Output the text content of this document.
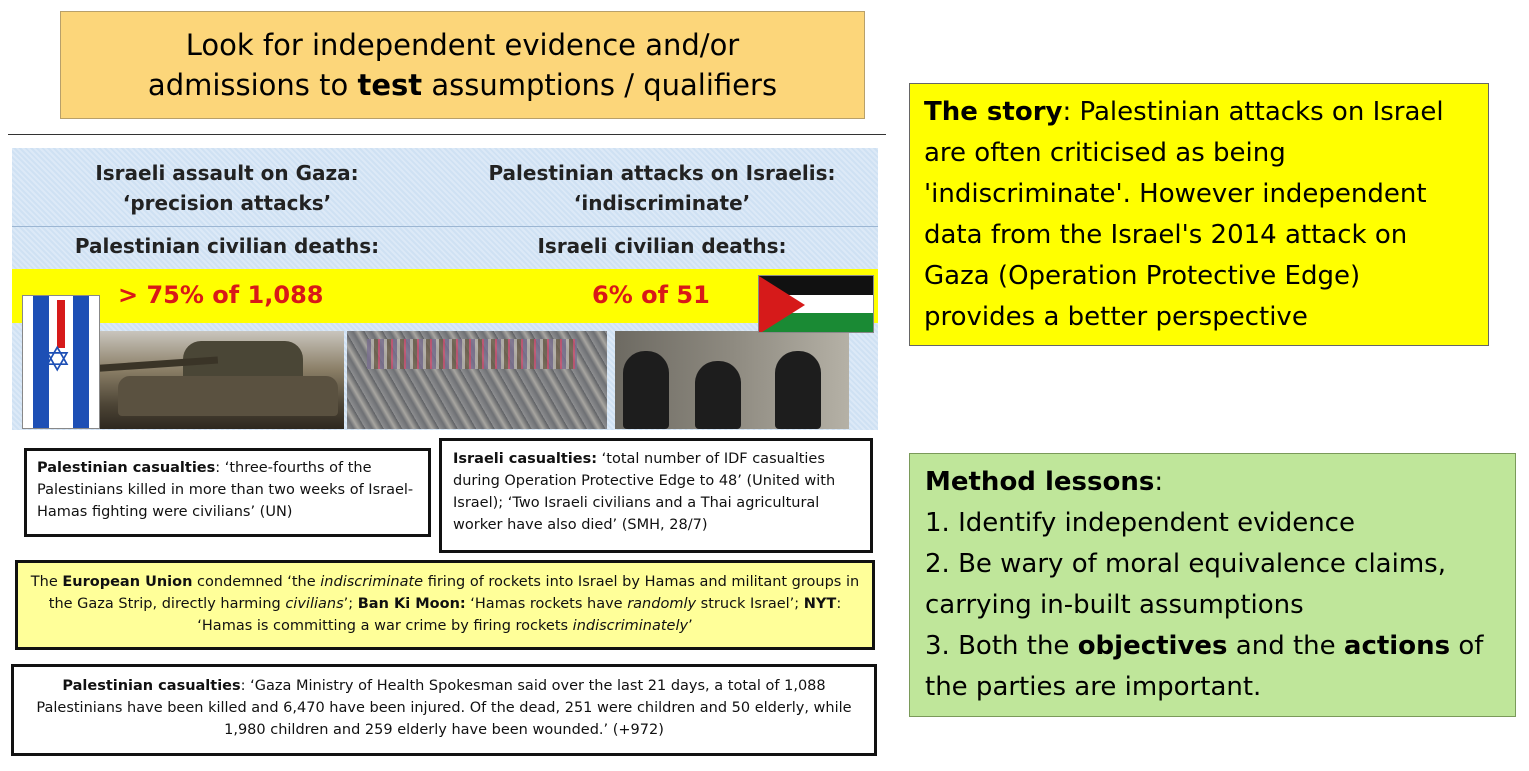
Look for independent evidence and/or
admissions to test assumptions / qualifiers
Israeli assault on Gaza:
‘precision attacks’
Palestinian attacks on Israelis:
‘indiscriminate’
Palestinian civilian deaths:	Israeli civilian deaths:
> 75% of 1,088	6% of 51
✡
Palestinian casualties: ‘three-fourths of the Palestinians killed in more than two weeks of Israel-Hamas fighting were civilians’ (UN)
Israeli casualties: ‘total number of IDF casualties during Operation Protective Edge to 48’ (United with Israel); ‘Two Israeli civilians and a Thai agricultural worker have also died’ (SMH, 28/7)
The European Union condemned ‘the indiscriminate firing of rockets into Israel by Hamas and militant groups in the Gaza Strip, directly harming civilians’; Ban Ki Moon: ‘Hamas rockets have randomly struck Israel’; NYT: ‘Hamas is committing a war crime by firing rockets indiscriminately’
Palestinian casualties: ‘Gaza Ministry of Health Spokesman said over the last 21 days, a total of 1,088 Palestinians have been killed and 6,470 have been injured. Of the dead, 251 were children and 50 elderly, while 1,980 children and 259 elderly have been wounded.’ (+972)
The story: Palestinian attacks on Israel are often criticised as being 'indiscriminate'. However independent data from the Israel's 2014 attack on Gaza (Operation Protective Edge) provides a better perspective
Method lessons:
1. Identify independent evidence
2. Be wary of moral equivalence claims, carrying in-built assumptions
3. Both the objectives and the actions of the parties are important.
